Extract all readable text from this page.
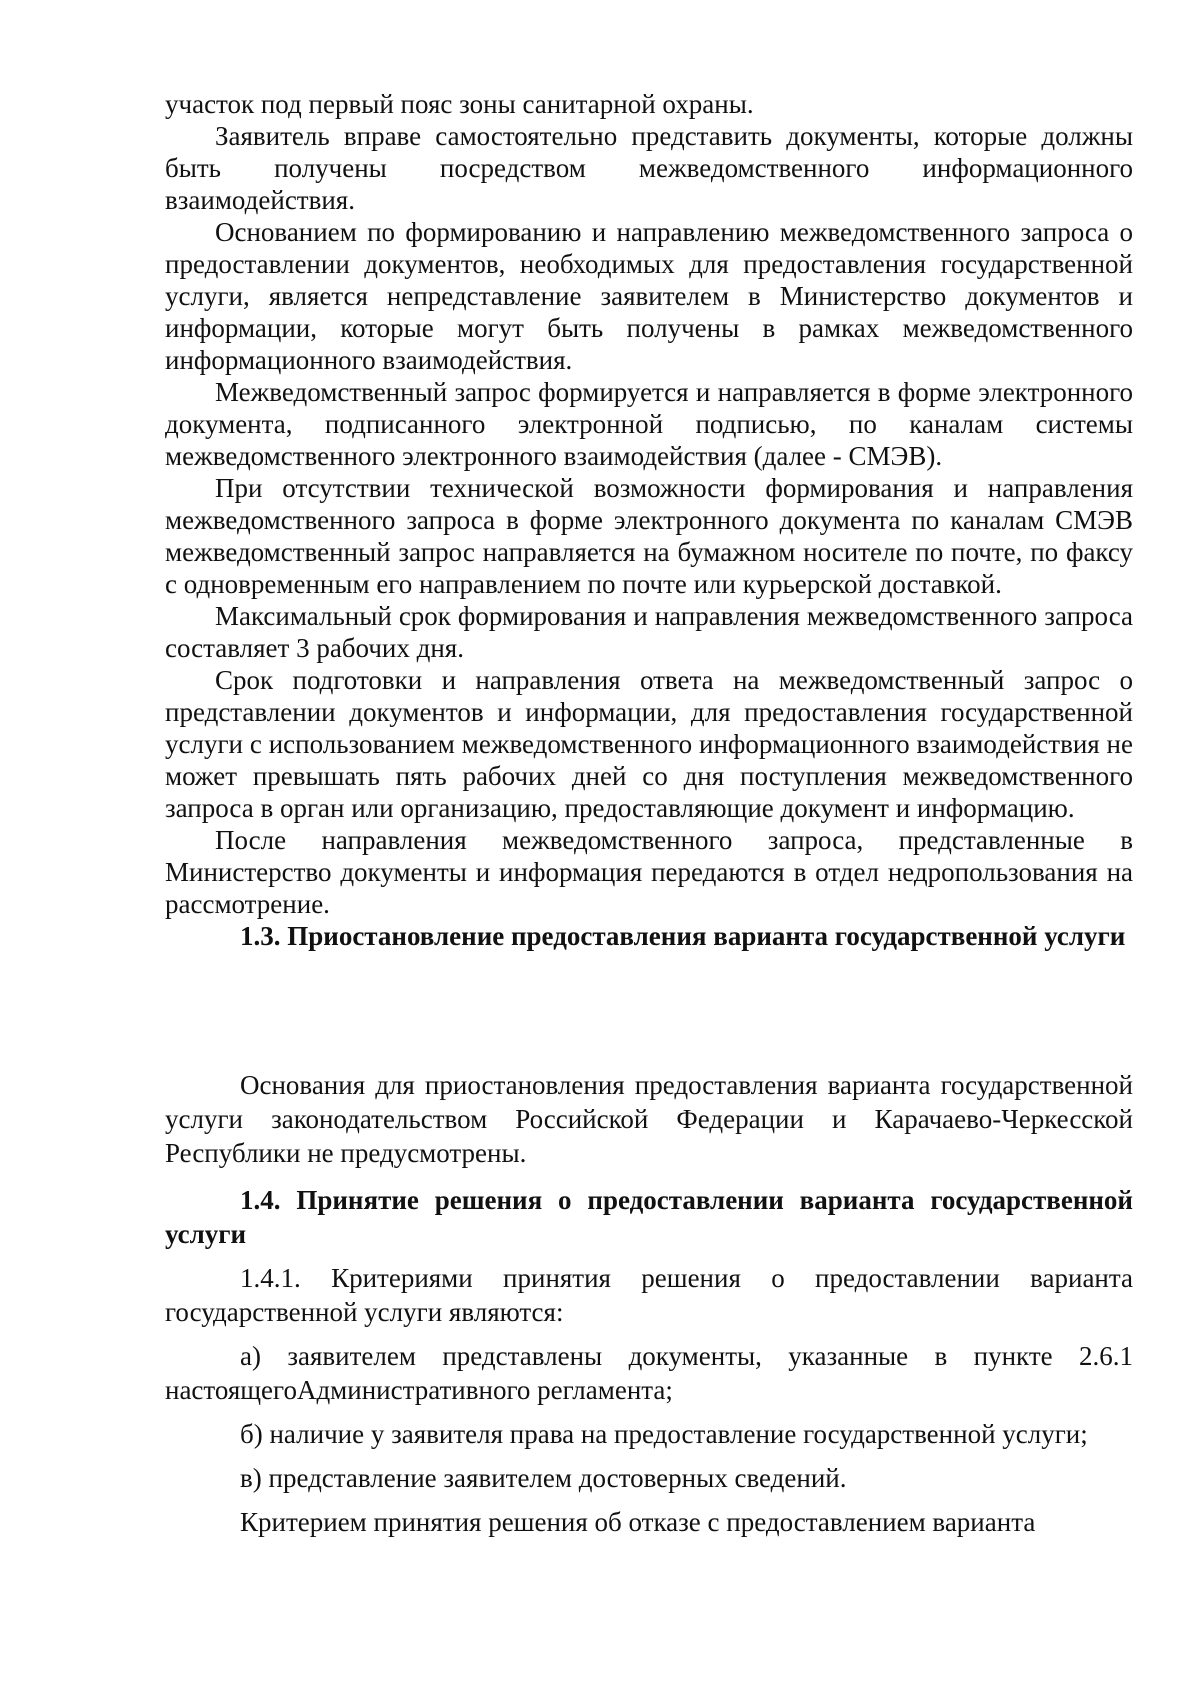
участок под первый пояс зоны санитарной охраны.

Заявитель вправе самостоятельно представить документы, которые должны быть получены посредством межведомственного информационного взаимодействия.

Основанием по формированию и направлению межведомственного запроса о предоставлении документов, необходимых для предоставления государственной услуги, является непредставление заявителем в Министерство документов и информации, которые могут быть получены в рамках межведомственного информационного взаимодействия.

Межведомственный запрос формируется и направляется в форме электронного документа, подписанного электронной подписью, по каналам системы межведомственного электронного взаимодействия (далее - СМЭВ).

При отсутствии технической возможности формирования и направления межведомственного запроса в форме электронного документа по каналам СМЭВ межведомственный запрос направляется на бумажном носителе по почте, по факсу с одновременным его направлением по почте или курьерской доставкой.

Максимальный срок формирования и направления межведомственного запроса составляет 3 рабочих дня.

Срок подготовки и направления ответа на межведомственный запрос о представлении документов и информации, для предоставления государственной услуги с использованием межведомственного информационного взаимодействия не может превышать пять рабочих дней со дня поступления межведомственного запроса в орган или организацию, предоставляющие документ и информацию.

После направления межведомственного запроса, представленные в Министерство документы и информация передаются в отдел недропользования на рассмотрение.

1.3. Приостановление предоставления варианта государственной услуги

Основания для приостановления предоставления варианта государственной услуги законодательством Российской Федерации и Карачаево-Черкесской Республики не предусмотрены.

1.4. Принятие решения о предоставлении варианта государственной услуги

1.4.1. Критериями принятия решения о предоставлении варианта государственной услуги являются:

а) заявителем представлены документы, указанные в пункте 2.6.1 настоящегоАдминистративного регламента;

б) наличие у заявителя права на предоставление государственной услуги;

в) представление заявителем достоверных сведений.

Критерием принятия решения об отказе с предоставлением варианта
